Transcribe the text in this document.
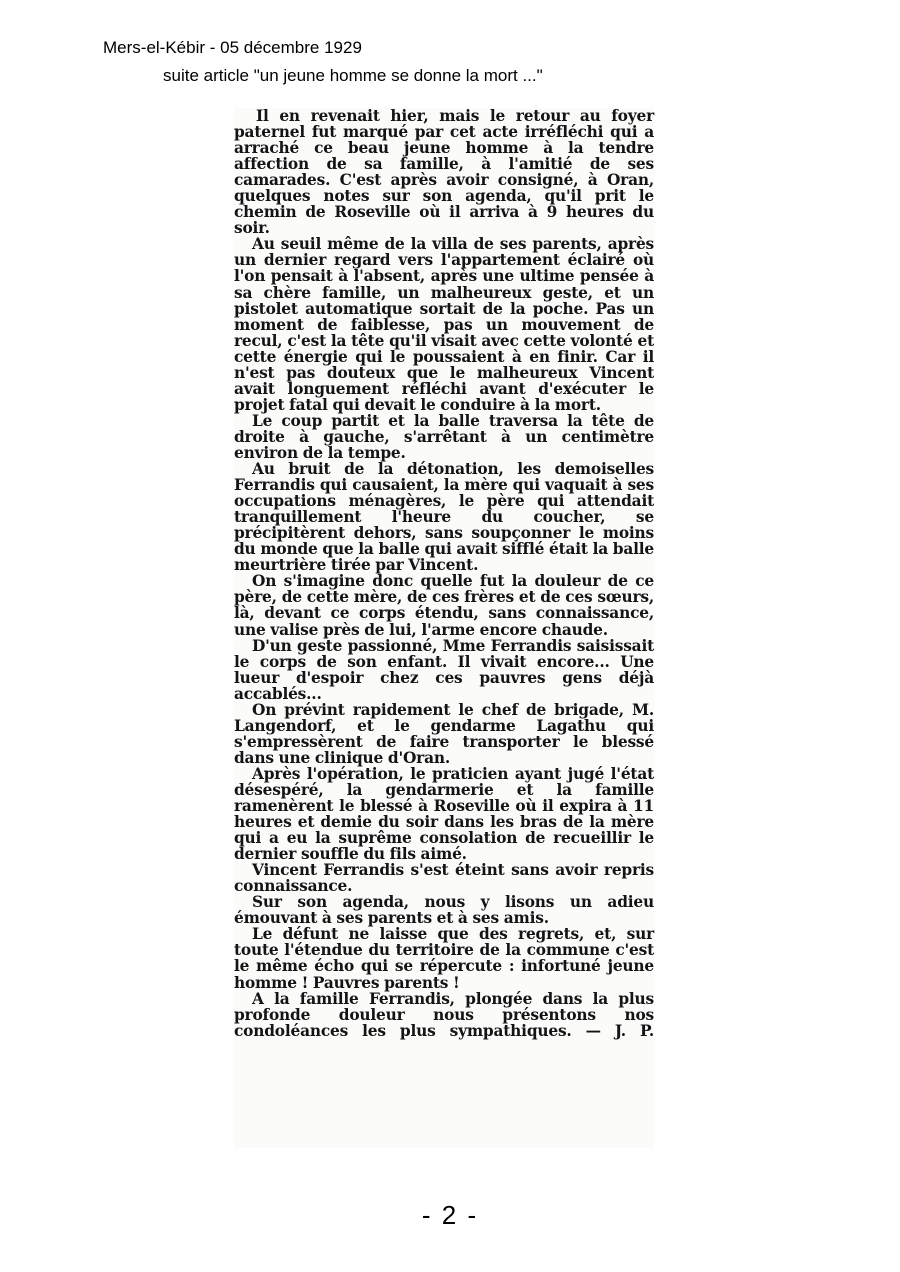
Mers-el-Kébir - 05 décembre 1929
suite article "un jeune homme se donne la mort ..."

Il en revenait hier, mais le retour au foyer paternel fut marqué par cet acte irréfléchi qui a arraché ce beau jeune homme à la tendre affection de sa famille, à l'amitié de ses camarades. C'est après avoir consigné, à Oran, quelques notes sur son agenda, qu'il prit le chemin de Roseville où il arriva à 9 heures du soir.

Au seuil même de la villa de ses parents, après un dernier regard vers l'appartement éclairé où l'on pensait à l'absent, après une ultime pensée à sa chère famille, un malheureux geste, et un pistolet automatique sortait de la poche. Pas un moment de faiblesse, pas un mouvement de recul, c'est la tête qu'il visait avec cette volonté et cette énergie qui le poussaient à en finir. Car il n'est pas douteux que le malheureux Vincent avait longuement réfléchi avant d'exécuter le projet fatal qui devait le conduire à la mort.

Le coup partit et la balle traversa la tête de droite à gauche, s'arrêtant à un centimètre environ de la tempe.

Au bruit de la détonation, les demoiselles Ferrandis qui causaient, la mère qui vaquait à ses occupations ménagères, le père qui attendait tranquillement l'heure du coucher, se précipitèrent dehors, sans soupçonner le moins du monde que la balle qui avait sifflé était la balle meurtrière tirée par Vincent.

On s'imagine donc quelle fut la douleur de ce père, de cette mère, de ces frères et de ces sœurs, là, devant ce corps étendu, sans connaissance, une valise près de lui, l'arme encore chaude.

D'un geste passionné, Mme Ferrandis saisissait le corps de son enfant. Il vivait encore... Une lueur d'espoir chez ces pauvres gens déjà accablés...

On prévint rapidement le chef de brigade, M. Langendorf, et le gendarme Lagathu qui s'empressèrent de faire transporter le blessé dans une clinique d'Oran.

Après l'opération, le praticien ayant jugé l'état désespéré, la gendarmerie et la famille ramenèrent le blessé à Roseville où il expira à 11 heures et demie du soir dans les bras de la mère qui a eu la suprême consolation de recueillir le dernier souffle du fils aimé.

Vincent Ferrandis s'est éteint sans avoir repris connaissance.

Sur son agenda, nous y lisons un adieu émouvant à ses parents et à ses amis.

Le défunt ne laisse que des regrets, et, sur toute l'étendue du territoire de la commune c'est le même écho qui se répercute : infortuné jeune homme ! Pauvres parents !

A la famille Ferrandis, plongée dans la plus profonde douleur nous présentons nos condoléances les plus sympathiques. — J. P.

- 2 -
